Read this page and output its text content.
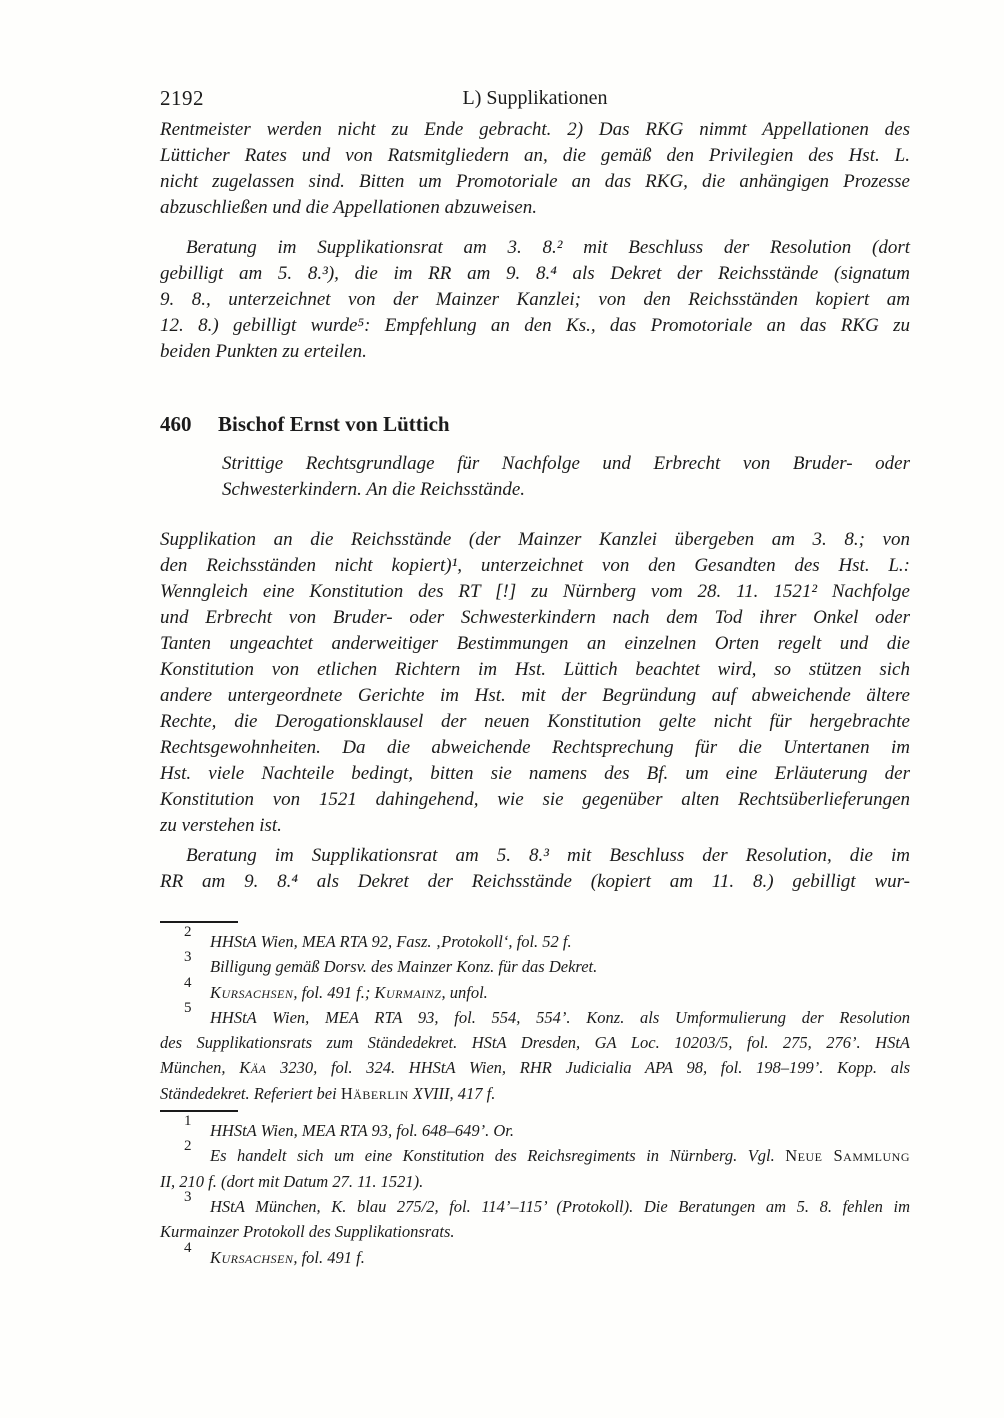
2192	L) Supplikationen
Rentmeister werden nicht zu Ende gebracht. 2) Das RKG nimmt Appellationen des
Lütticher Rates und von Ratsmitgliedern an, die gemäß den Privilegien des Hst. L.
nicht zugelassen sind. Bitten um Promotoriale an das RKG, die anhängigen Prozesse
abzuschließen und die Appellationen abzuweisen.
Beratung im Supplikationsrat am 3. 8.² mit Beschluss der Resolution (dort
gebilligt am 5. 8.³), die im RR am 9. 8.⁴ als Dekret der Reichsstände (signatum
9. 8., unterzeichnet von der Mainzer Kanzlei; von den Reichsständen kopiert am
12. 8.) gebilligt wurde⁵: Empfehlung an den Ks., das Promotoriale an das RKG zu
beiden Punkten zu erteilen.
460	Bischof Ernst von Lüttich
Strittige Rechtsgrundlage für Nachfolge und Erbrecht von Bruder- oder
Schwesterkindern. An die Reichsstände.
Supplikation an die Reichsstände (der Mainzer Kanzlei übergeben am 3. 8.; von
den Reichsständen nicht kopiert)¹, unterzeichnet von den Gesandten des Hst. L.:
Wenngleich eine Konstitution des RT [!] zu Nürnberg vom 28. 11. 1521² Nachfolge
und Erbrecht von Bruder- oder Schwesterkindern nach dem Tod ihrer Onkel oder
Tanten ungeachtet anderweitiger Bestimmungen an einzelnen Orten regelt und die
Konstitution von etlichen Richtern im Hst. Lüttich beachtet wird, so stützen sich
andere untergeordnete Gerichte im Hst. mit der Begründung auf abweichende ältere
Rechte, die Derogationsklausel der neuen Konstitution gelte nicht für hergebrachte
Rechtsgewohnheiten. Da die abweichende Rechtsprechung für die Untertanen im
Hst. viele Nachteile bedingt, bitten sie namens des Bf. um eine Erläuterung der
Konstitution von 1521 dahingehend, wie sie gegenüber alten Rechtsüberlieferungen
zu verstehen ist.
Beratung im Supplikationsrat am 5. 8.³ mit Beschluss der Resolution, die im
RR am 9. 8.⁴ als Dekret der Reichsstände (kopiert am 11. 8.) gebilligt wur-
2	HHStA Wien, MEA RTA 92, Fasz. ‚Protokoll‘, fol. 52 f.
3	Billigung gemäß Dorsv. des Mainzer Konz. für das Dekret.
4	Kursachsen, fol. 491 f.; Kurmainz, unfol.
5	HHStA Wien, MEA RTA 93, fol. 554, 554’. Konz. als Umformulierung der Resolution
des Supplikationsrats zum Ständedekret. HStA Dresden, GA Loc. 10203/5, fol. 275, 276’. HStA
München, Käa 3230, fol. 324. HHStA Wien, RHR Judicialia APA 98, fol. 198–199’. Kopp. als
Ständedekret. Referiert bei Häberlin XVIII, 417 f.
1	HHStA Wien, MEA RTA 93, fol. 648–649’. Or.
2	Es handelt sich um eine Konstitution des Reichsregiments in Nürnberg. Vgl. Neue Sammlung
II, 210 f. (dort mit Datum 27. 11. 1521).
3	HStA München, K. blau 275/2, fol. 114’–115’ (Protokoll). Die Beratungen am 5. 8. fehlen im
Kurmainzer Protokoll des Supplikationsrats.
4	Kursachsen, fol. 491 f.
